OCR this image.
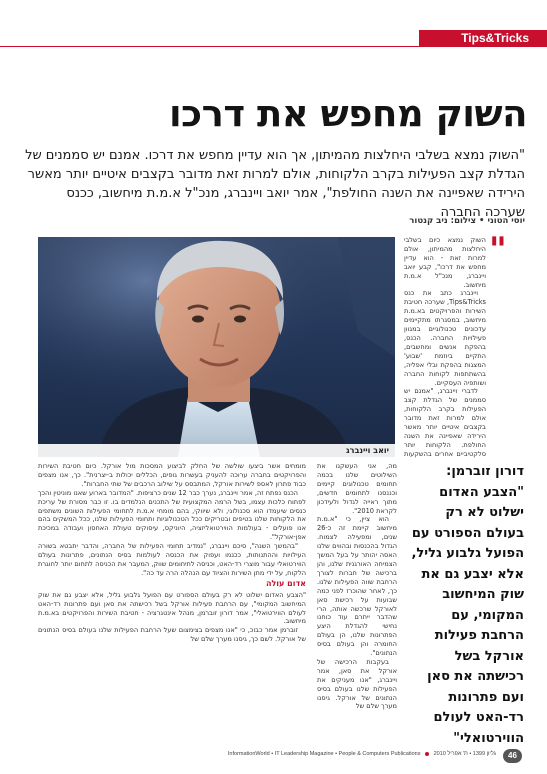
Tips&Tricks
השוק מחפש את דרכו

"השוק נמצא בשלבי היחלצות מהמיתון, אך הוא עדיין מחפש את דרכו. אמנם יש סממנים של הגדלת קצב הפעילות בקרב הלקוחות, אולם למרות זאת מדובר בקצבים איטיים יותר מאשר הירידה שאפיינה את השנה החולפת", אמר יואב ויינברג, מנכ"ל א.מ.ת מיחשוב, ככנס שערכה החברה

יוסי הטוני • צילום: ניב קנטור
יואב ויינברג
"

השוק נמצא כיום בשלבי היחלצות מהמיתון, אולם למרות זאת - הוא עדיין מחפש את דרכו", קבע יואב ויינברג, מנכ"ל א.מ.ת מיחשוב.

ויינברג כתב את כנס Tips&Tricks, שערכה חטיבת השירות והפרויקטים בא.מ.ת מיחשוב, במסגרתו מתקיימים עדכונים טכנולוגיים במגוון פעילויות החברה. הכנס, בהפקת אנשים ומחשבים, התקיים ביוזמת 'שבוע' המצגות בהפקת ובלי אפליה, בהשתתפות לקוחות החברה ושותפיה העסקיים.

לדברי ויינברג, "אמנם יש סממנים של הגדלת קצב הפעילות בקרב הלקוחות, אולם למרות זאת מדובר בקצבים איטיים יותר מאשר הירידה שאפיינה את השנה החולפת. הלקוחות יותר סלקטיביים אחרים בהשקעות

דורון זוברמן: "הצבע האדום ישלוט לא רק בעולם הספורט עם הפועל גלבוע גליל, אלא יצבע גם את שוק המיחשוב המקומי, עם הרחבת פעילות אורקל בשל רכישתה את סאן ועם פתרונות רד-האט לעולם הווירטואלי"

מה, אני העשקנו את השילוטים שלנו בכמה תחומים טכנולוגים קיימים וכננסנו לתחומים חדשים, מתוך ראייה לגדול ולעידכון לקראת 2010".

הוא ציין, כי "א.מ.ת מיחשוב קיימת זה כ-26 שנים, ומפעילה לצמוח. הגדול בהכנסות ובהווים שלנו האסה יהותר על בעל המשך הצמיחה האורגנית שלנו, והן ברכישה של חברות לצורך הרחבת שווה הפעילות שלנו. כך, לאחר שהוכרז לפני כמה שבועות על רכישת סאן לאורקל שרכשה אותה, הרי שהדבר ייתרם עוד כוחנו נחישי להגדלת היצע הפתרונות שלנו, הן בעולם החומרה והן בעולם בסיס הנתונים".

בעקבות הרכישה של אורקל את סאן, אמר ויינברג, "אנו מעניקים את הפעילות שלנו בעולם בסיס הנתונים של אורקל. גיסנו מערך שלם של

מומחים אשר ביצעו שולשה של החלק לביצוע המסכות מול אורקל. כיום חטיבת השירות והפרויקטים בחברה ערוכה להעניק בעשרות גופים, הכללים יכולות ב-יצרנית". כך, אנו מצפים כבוד פתרון לאספ לשירות אורקל, המתבסס על שילוב הרכבים של שתי החברות".

הכנס נפתח זה, אמר ויינברג, נערך כבר 12 שנים כרציפות. "המדובר בארוע שאנו מוניטין והכך לפתוח כלכות עצמו, בשל הרמה המקצועית של התכנים הנלמדים בו. זו כבר מסורת של עריכת כנסים שיעמדו הוא סכנולוגי, ולא שיווקי, בהם מומחי א.מ.ת לתחומי הפעילות השונים משתפים את הלקוחות שלנו בטיפים ובטריקים ככל הטכנולוגיות ותחומי הפעילות שלנו, ככל המשקים בהם אנו פועלים - בעולמות הווירטואליזציה, היוניקס, עיסוקים טעולת האחסון ועבודה במכיכת אפן-אורקל".

"בהמשך השנה", סיכם ויינברג, "נמדיב תחומי הפעילות של החברה, והדבר יתבטא בשורה העילויות וההתנותות, ככנמו ועפוק את הכנסה לעולמות בסיס הנתונים, פתרונות בעולם הווירטואלי עבור מוצרי רד-האט, וכניסה לתיחומים שווק, המעבר את הכניסה לתחום יותר לחוגרת הלקוח, על ידי מתן השירות והציוד עם הנהלה הרה עד כה".

אדום עולה

"הצבע האדום ישלוט לא רק בעולם הספורט עם הפועל גלבוע גליל, אלא יצבע גם את שוק המיחשוב המקומי", עם הרחבת פעילות אורקל בשל רכישתה את סאן ועם פתרונות רד-האט לעולם הווירטואלי", אמר דורון זוברמן, מנהל אינטגרציה - חטיבת השירות והפרויקטים בא.מ.ת מיחשוב.

זוברמן אמר כבוכ, כי "אנו מצפים בצימצום שעל הרחבת הפעילות שלנו בעולם בסיס הנתונים של אורקל. לשם כך, גיסנו מערך שלם של

InformationWorld • IT Leadership Magazine • People & Computers Publications גליון 1399 • ת' אפריל 2010	46
